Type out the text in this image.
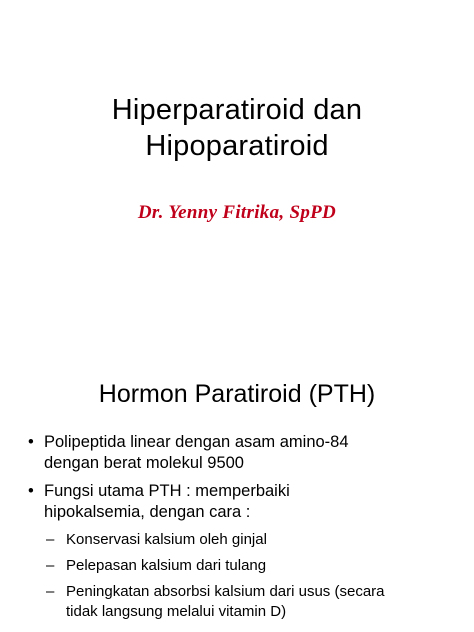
Hiperparatiroid dan
Hipoparatiroid
Dr. Yenny Fitrika, SpPD
Hormon Paratiroid (PTH)
• Polipeptida linear dengan asam amino-84
dengan berat molekul 9500
• Fungsi utama PTH : memperbaiki
hipokalsemia, dengan cara :
– Konservasi kalsium oleh ginjal
– Pelepasan kalsium dari tulang
– Peningkatan absorbsi kalsium dari usus (secara
tidak langsung melalui vitamin D)
